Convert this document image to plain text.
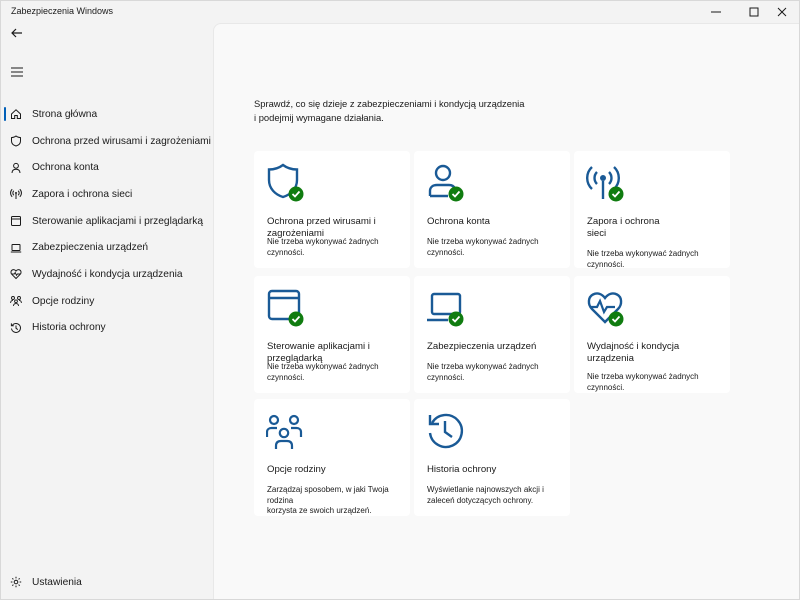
Zabezpieczenia Windows
Strona główna
Ochrona przed wirusami i zagrożeniami
Ochrona konta
Zapora i ochrona sieci
Sterowanie aplikacjami i przeglądarką
Zabezpieczenia urządzeń
Wydajność i kondycja urządzenia
Opcje rodziny
Historia ochrony
Ustawienia
Sprawdź, co się dzieje z zabezpieczeniami i kondycją urządzenia
i podejmij wymagane działania.
Ochrona przed wirusami i zagrożeniami
Nie trzeba wykonywać żadnych czynności.
Ochrona konta
Nie trzeba wykonywać żadnych czynności.
Zapora i ochrona
sieci
Nie trzeba wykonywać żadnych czynności.
Sterowanie aplikacjami i przeglądarką
Nie trzeba wykonywać żadnych czynności.
Zabezpieczenia urządzeń
Nie trzeba wykonywać żadnych czynności.
Wydajność i kondycja
urządzenia
Nie trzeba wykonywać żadnych czynności.
Opcje rodziny
Zarządzaj sposobem, w jaki Twoja rodzina
korzysta ze swoich urządzeń.
Historia ochrony
Wyświetlanie najnowszych akcji i
zaleceń dotyczących ochrony.
